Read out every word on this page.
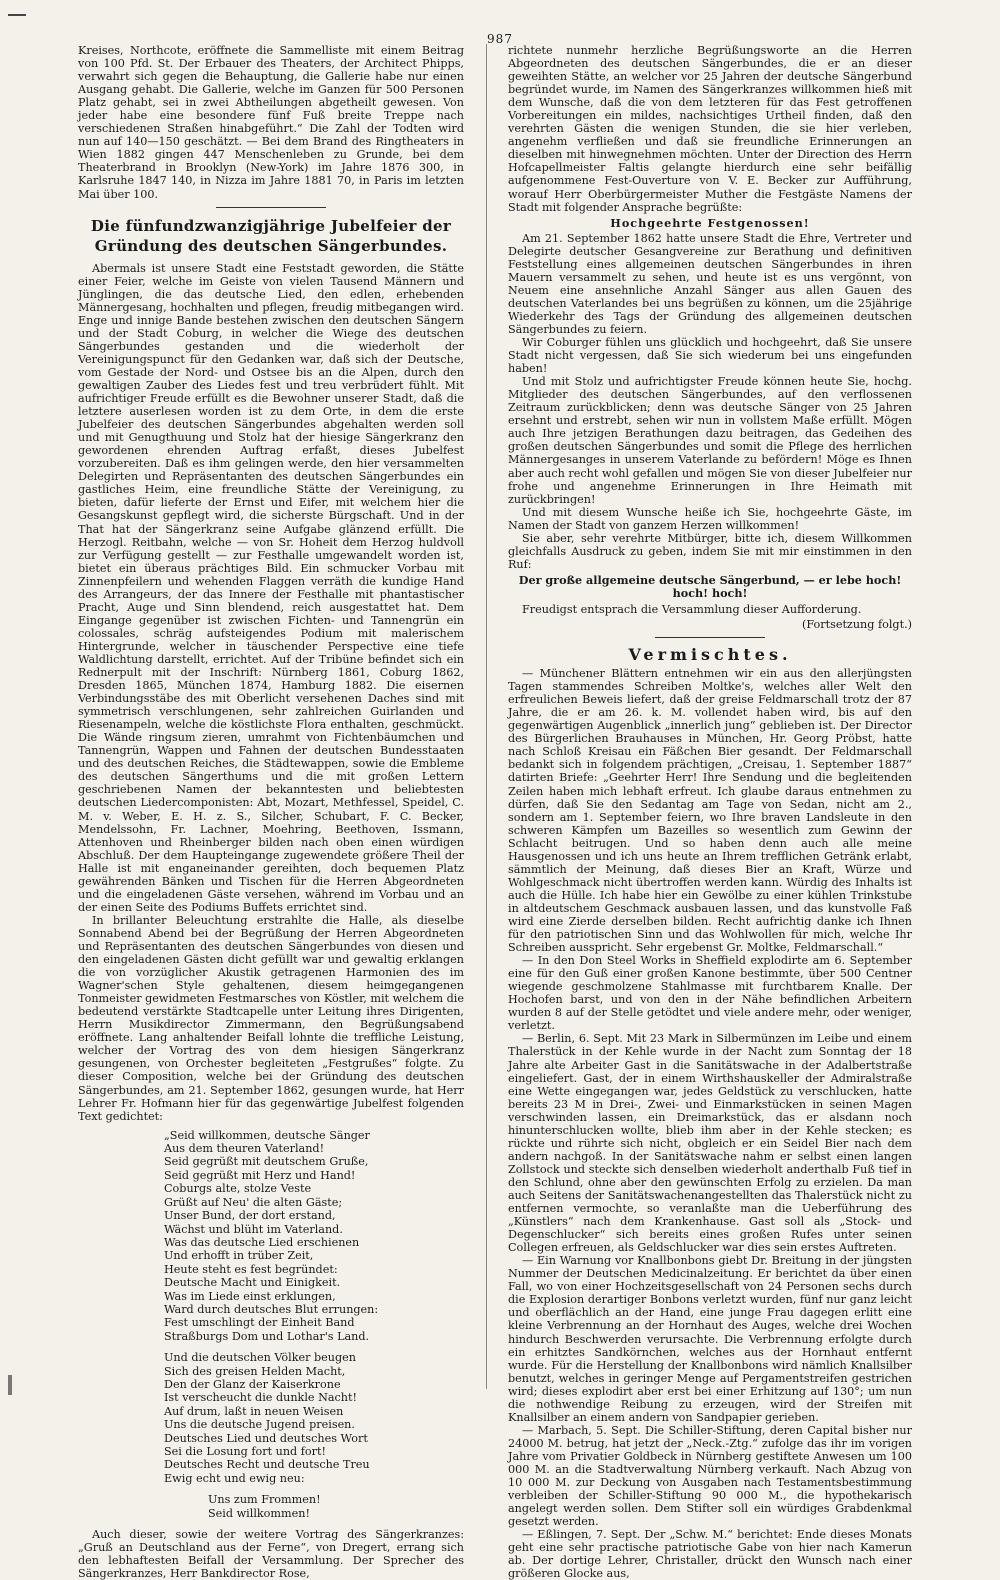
987

Kreises, Northcote, eröffnete die Sammelliste mit einem Beitrag von 100 Pfd. St. Der Erbauer des Theaters, der Architect Phipps, verwahrt sich gegen die Behauptung, die Gallerie habe nur einen Ausgang gehabt. Die Gallerie, welche im Ganzen für 500 Personen Platz gehabt, sei in zwei Abtheilungen abgetheilt gewesen. Von jeder habe eine besondere fünf Fuß breite Treppe nach verschiedenen Straßen hinabgeführt.“ Die Zahl der Todten wird nun auf 140—150 geschätzt. — Bei dem Brand des Ringtheaters in Wien 1882 gingen 447 Menschenleben zu Grunde, bei dem Theaterbrand in Brooklyn (New-York) im Jahre 1876 300, in Karlsruhe 1847 140, in Nizza im Jahre 1881 70, in Paris im letzten Mai über 100.

Die fünfundzwanzigjährige Jubelfeier der Gründung des deutschen Sängerbundes.

Abermals ist unsere Stadt eine Feststadt geworden, die Stätte einer Feier, welche im Geiste von vielen Tausend Männern und Jünglingen, die das deutsche Lied, den edlen, erhebenden Männergesang, hochhalten und pflegen, freudig mitbegangen wird. Enge und innige Bande bestehen zwischen den deutschen Sängern und der Stadt Coburg, in welcher die Wiege des deutschen Sängerbundes gestanden und die wiederholt der Vereinigungspunct für den Gedanken war, daß sich der Deutsche, vom Gestade der Nord- und Ostsee bis an die Alpen, durch den gewaltigen Zauber des Liedes fest und treu verbrüdert fühlt. Mit aufrichtiger Freude erfüllt es die Bewohner unserer Stadt, daß die letztere auserlesen worden ist zu dem Orte, in dem die erste Jubelfeier des deutschen Sängerbundes abgehalten werden soll und mit Genugthuung und Stolz hat der hiesige Sängerkranz den gewordenen ehrenden Auftrag erfaßt, dieses Jubelfest vorzubereiten. Daß es ihm gelingen werde, den hier versammelten Delegirten und Repräsentanten des deutschen Sängerbundes ein gastliches Heim, eine freundliche Stätte der Vereinigung, zu bieten, dafür lieferte der Ernst und Eifer, mit welchem hier die Gesangskunst gepflegt wird, die sicherste Bürgschaft. Und in der That hat der Sängerkranz seine Aufgabe glänzend erfüllt. Die Herzogl. Reitbahn, welche — von Sr. Hoheit dem Herzog huldvoll zur Verfügung gestellt — zur Festhalle umgewandelt worden ist, bietet ein überaus prächtiges Bild. Ein schmucker Vorbau mit Zinnenpfeilern und wehenden Flaggen verräth die kundige Hand des Arrangeurs, der das Innere der Festhalle mit phantastischer Pracht, Auge und Sinn blendend, reich ausgestattet hat. Dem Eingange gegenüber ist zwischen Fichten- und Tannengrün ein colossales, schräg aufsteigendes Podium mit malerischem Hintergrunde, welcher in täuschender Perspective eine tiefe Waldlichtung darstellt, errichtet. Auf der Tribüne befindet sich ein Rednerpult mit der Inschrift: Nürnberg 1861, Coburg 1862, Dresden 1865, München 1874, Hamburg 1882. Die eisernen Verbindungsstäbe des mit Oberlicht versehenen Daches sind mit symmetrisch verschlungenen, sehr zahlreichen Guirlanden und Riesenampeln, welche die köstlichste Flora enthalten, geschmückt. Die Wände ringsum zieren, umrahmt von Fichtenbäumchen und Tannengrün, Wappen und Fahnen der deutschen Bundesstaaten und des deutschen Reiches, die Städtewappen, sowie die Embleme des deutschen Sängerthums und die mit großen Lettern geschriebenen Namen der bekanntesten und beliebtesten deutschen Liedercomponisten: Abt, Mozart, Methfessel, Speidel, C. M. v. Weber, E. H. z. S., Silcher, Schubart, F. C. Becker, Mendelssohn, Fr. Lachner, Moehring, Beethoven, Issmann, Attenhoven und Rheinberger bilden nach oben einen würdigen Abschluß. Der dem Haupteingange zugewendete größere Theil der Halle ist mit enganeinander gereihten, doch bequemen Platz gewährenden Bänken und Tischen für die Herren Abgeordneten und die eingeladenen Gäste versehen, während im Vorbau und an der einen Seite des Podiums Buffets errichtet sind.

In brillanter Beleuchtung erstrahlte die Halle, als dieselbe Sonnabend Abend bei der Begrüßung der Herren Abgeordneten und Repräsentanten des deutschen Sängerbundes von diesen und den eingeladenen Gästen dicht gefüllt war und gewaltig erklangen die von vorzüglicher Akustik getragenen Harmonien des im Wagner'schen Style gehaltenen, diesem heimgegangenen Tonmeister gewidmeten Festmarsches von Köstler, mit welchem die bedeutend verstärkte Stadtcapelle unter Leitung ihres Dirigenten, Herrn Musikdirector Zimmermann, den Begrüßungsabend eröffnete. Lang anhaltender Beifall lohnte die treffliche Leistung, welcher der Vortrag des von dem hiesigen Sängerkranz gesungenen, von Orchester begleiteten „Festgrußes“ folgte. Zu dieser Composition, welche bei der Gründung des deutschen Sängerbundes, am 21. September 1862, gesungen wurde, hat Herr Lehrer Fr. Hofmann hier für das gegenwärtige Jubelfest folgenden Text gedichtet:

„Seid willkommen, deutsche Sänger
Aus dem theuren Vaterland!
Seid gegrüßt mit deutschem Gruße,
Seid gegrüßt mit Herz und Hand!
Coburgs alte, stolze Veste
Grüßt auf Neu' die alten Gäste;
Unser Bund, der dort erstand,
Wächst und blüht im Vaterland.
Was das deutsche Lied erschienen
Und erhofft in trüber Zeit,
Heute steht es fest begründet:
Deutsche Macht und Einigkeit.
Was im Liede einst erklungen,
Ward durch deutsches Blut errungen:
Fest umschlingt der Einheit Band
Straßburgs Dom und Lothar's Land.
Und die deutschen Völker beugen
Sich des greisen Helden Macht,
Den der Glanz der Kaiserkrone
Ist verscheucht die dunkle Nacht!
Auf drum, laßt in neuen Weisen
Uns die deutsche Jugend preisen.
Deutsches Lied und deutsches Wort
Sei die Losung fort und fort!
Deutsches Recht und deutsche Treu
Ewig echt und ewig neu:
Uns zum Frommen!
Seid willkommen!

Auch dieser, sowie der weitere Vortrag des Sängerkranzes: „Gruß an Deutschland aus der Ferne“, von Dregert, errang sich den lebhaftesten Beifall der Versammlung. Der Sprecher des Sängerkranzes, Herr Bankdirector Rose,

richtete nunmehr herzliche Begrüßungsworte an die Herren Abgeordneten des deutschen Sängerbundes, die er an dieser geweihten Stätte, an welcher vor 25 Jahren der deutsche Sängerbund begründet wurde, im Namen des Sängerkranzes willkommen hieß mit dem Wunsche, daß die von dem letzteren für das Fest getroffenen Vorbereitungen ein mildes, nachsichtiges Urtheil finden, daß den verehrten Gästen die wenigen Stunden, die sie hier verleben, angenehm verfließen und daß sie freundliche Erinnerungen an dieselben mit hinwegnehmen möchten. Unter der Direction des Herrn Hofcapellmeister Faltis gelangte hierdurch eine sehr beifällig aufgenommene Fest-Ouverture von V. E. Becker zur Aufführung, worauf Herr Oberbürgermeister Muther die Festgäste Namens der Stadt mit folgender Ansprache begrüßte:

Hochgeehrte Festgenossen!

Am 21. September 1862 hatte unsere Stadt die Ehre, Vertreter und Delegirte deutscher Gesangvereine zur Berathung und definitiven Feststellung eines allgemeinen deutschen Sängerbundes in ihren Mauern versammelt zu sehen, und heute ist es uns vergönnt, von Neuem eine ansehnliche Anzahl Sänger aus allen Gauen des deutschen Vaterlandes bei uns begrüßen zu können, um die 25jährige Wiederkehr des Tags der Gründung des allgemeinen deutschen Sängerbundes zu feiern.

Wir Coburger fühlen uns glücklich und hochgeehrt, daß Sie unsere Stadt nicht vergessen, daß Sie sich wiederum bei uns eingefunden haben!

Und mit Stolz und aufrichtigster Freude können heute Sie, hochg. Mitglieder des deutschen Sängerbundes, auf den verflossenen Zeitraum zurückblicken; denn was deutsche Sänger von 25 Jahren ersehnt und erstrebt, sehen wir nun in vollstem Maße erfüllt. Mögen auch Ihre jetzigen Berathungen dazu beitragen, das Gedeihen des großen deutschen Sängerbundes und somit die Pflege des herrlichen Männergesanges in unserem Vaterlande zu befördern! Möge es Ihnen aber auch recht wohl gefallen und mögen Sie von dieser Jubelfeier nur frohe und angenehme Erinnerungen in Ihre Heimath mit zurückbringen!

Und mit diesem Wunsche heiße ich Sie, hochgeehrte Gäste, im Namen der Stadt von ganzem Herzen willkommen!

Sie aber, sehr verehrte Mitbürger, bitte ich, diesem Willkommen gleichfalls Ausdruck zu geben, indem Sie mit mir einstimmen in den Ruf:

Der große allgemeine deutsche Sängerbund, — er lebe hoch! hoch! hoch!

Freudigst entsprach die Versammlung dieser Aufforderung.

(Fortsetzung folgt.)
Vermischtes.

— Münchener Blättern entnehmen wir ein aus den allerjüngsten Tagen stammendes Schreiben Moltke's, welches aller Welt den erfreulichen Beweis liefert, daß der greise Feldmarschall trotz der 87 Jahre, die er am 26. k. M. vollendet haben wird, bis auf den gegenwärtigen Augenblick „innerlich jung“ geblieben ist. Der Director des Bürgerlichen Brauhauses in München, Hr. Georg Pröbst, hatte nach Schloß Kreisau ein Fäßchen Bier gesandt. Der Feldmarschall bedankt sich in folgendem prächtigen, „Creisau, 1. September 1887“ datirten Briefe: „Geehrter Herr! Ihre Sendung und die begleitenden Zeilen haben mich lebhaft erfreut. Ich glaube daraus entnehmen zu dürfen, daß Sie den Sedantag am Tage von Sedan, nicht am 2., sondern am 1. September feiern, wo Ihre braven Landsleute in den schweren Kämpfen um Bazeilles so wesentlich zum Gewinn der Schlacht beitrugen. Und so haben denn auch alle meine Hausgenossen und ich uns heute an Ihrem trefflichen Getränk erlabt, sämmtlich der Meinung, daß dieses Bier an Kraft, Würze und Wohlgeschmack nicht übertroffen werden kann. Würdig des Inhalts ist auch die Hülle. Ich habe hier ein Gewölbe zu einer kühlen Trinkstube in altdeutschem Geschmack ausbauen lassen, und das kunstvolle Faß wird eine Zierde derselben bilden. Recht aufrichtig danke ich Ihnen für den patriotischen Sinn und das Wohlwollen für mich, welche Ihr Schreiben ausspricht. Sehr ergebenst Gr. Moltke, Feldmarschall.“

— In den Don Steel Works in Sheffield explodirte am 6. September eine für den Guß einer großen Kanone bestimmte, über 500 Centner wiegende geschmolzene Stahlmasse mit furchtbarem Knalle. Der Hochofen barst, und von den in der Nähe befindlichen Arbeitern wurden 8 auf der Stelle getödtet und viele andere mehr, oder weniger, verletzt.

— Berlin, 6. Sept. Mit 23 Mark in Silbermünzen im Leibe und einem Thalerstück in der Kehle wurde in der Nacht zum Sonntag der 18 Jahre alte Arbeiter Gast in die Sanitätswache in der Adalbertstraße eingeliefert. Gast, der in einem Wirthshauskeller der Admiralstraße eine Wette eingegangen war, jedes Geldstück zu verschlucken, hatte bereits 23 M in Drei-, Zwei- und Einmarkstücken in seinen Magen verschwinden lassen, ein Dreimarkstück, das er alsdann noch hinunterschlucken wollte, blieb ihm aber in der Kehle stecken; es rückte und rührte sich nicht, obgleich er ein Seidel Bier nach dem andern nachgoß. In der Sanitätswache nahm er selbst einen langen Zollstock und steckte sich denselben wiederholt anderthalb Fuß tief in den Schlund, ohne aber den gewünschten Erfolg zu erzielen. Da man auch Seitens der Sanitätswachenangestellten das Thalerstück nicht zu entfernen vermochte, so veranlaßte man die Ueberführung des „Künstlers“ nach dem Krankenhause. Gast soll als „Stock- und Degenschlucker“ sich bereits eines großen Rufes unter seinen Collegen erfreuen, als Geldschlucker war dies sein erstes Auftreten.

— Ein Warnung vor Knallbonbons giebt Dr. Breitung in der jüngsten Nummer der Deutschen Medicinalzeitung. Er berichtet da über einen Fall, wo von einer Hochzeitsgesellschaft von 24 Personen sechs durch die Explosion derartiger Bonbons verletzt wurden, fünf nur ganz leicht und oberflächlich an der Hand, eine junge Frau dagegen erlitt eine kleine Verbrennung an der Hornhaut des Auges, welche drei Wochen hindurch Beschwerden verursachte. Die Verbrennung erfolgte durch ein erhitztes Sandkörnchen, welches aus der Hornhaut entfernt wurde. Für die Herstellung der Knallbonbons wird nämlich Knallsilber benutzt, welches in geringer Menge auf Pergamentstreifen gestrichen wird; dieses explodirt aber erst bei einer Erhitzung auf 130°; um nun die nothwendige Reibung zu erzeugen, wird der Streifen mit Knallsilber an einem andern von Sandpapier gerieben.

— Marbach, 5. Sept. Die Schiller-Stiftung, deren Capital bisher nur 24000 M. betrug, hat jetzt der „Neck.-Ztg.“ zufolge das ihr im vorigen Jahre vom Privatier Goldbeck in Nürnberg gestiftete Anwesen um 100 000 M. an die Stadtverwaltung Nürnberg verkauft. Nach Abzug von 10 000 M. zur Deckung von Ausgaben nach Testamentsbestimmung verbleiben der Schiller-Stiftung 90 000 M., die hypothekarisch angelegt werden sollen. Dem Stifter soll ein würdiges Grabdenkmal gesetzt werden.

— Eßlingen, 7. Sept. Der „Schw. M.“ berichtet: Ende dieses Monats geht eine sehr practische patriotische Gabe von hier nach Kamerun ab. Der dortige Lehrer, Christaller, drückt den Wunsch nach einer größeren Glocke aus,
